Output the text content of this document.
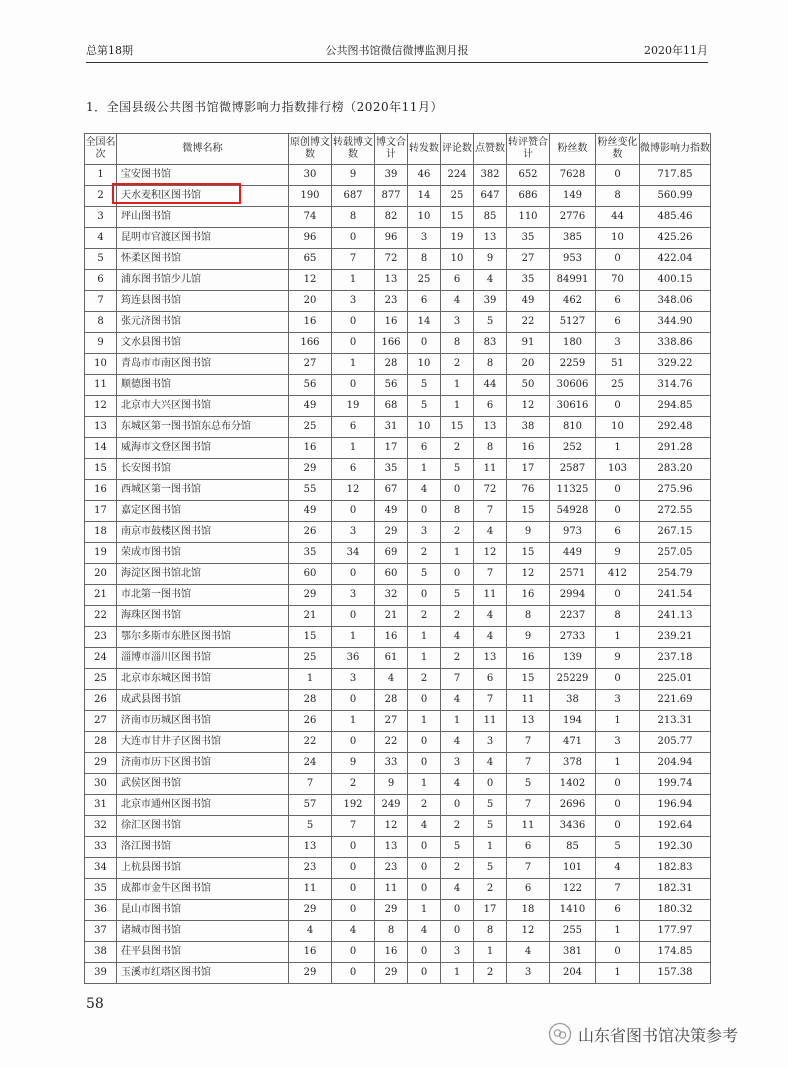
总第18期	公共图书馆微信微博监测月报	2020年11月
1．全国县级公共图书馆微博影响力指数排行榜（2020年11月）
全国名次	微博名称	原创博文数	转载博文数	博文合计	转发数	评论数	点赞数	转评赞合计	粉丝数	粉丝变化数	微博影响力指数
1	宝安图书馆	30	9	39	46	224	382	652	7628	0	717.85
2	天水麦积区图书馆	190	687	877	14	25	647	686	149	8	560.99
3	坪山图书馆	74	8	82	10	15	85	110	2776	44	485.46
4	昆明市官渡区图书馆	96	0	96	3	19	13	35	385	10	425.26
5	怀柔区图书馆	65	7	72	8	10	9	27	953	0	422.04
6	浦东图书馆少儿馆	12	1	13	25	6	4	35	84991	70	400.15
7	筠连县图书馆	20	3	23	6	4	39	49	462	6	348.06
8	张元济图书馆	16	0	16	14	3	5	22	5127	6	344.90
9	文水县图书馆	166	0	166	0	8	83	91	180	3	338.86
10	青岛市市南区图书馆	27	1	28	10	2	8	20	2259	51	329.22
11	顺德图书馆	56	0	56	5	1	44	50	30606	25	314.76
12	北京市大兴区图书馆	49	19	68	5	1	6	12	30616	0	294.85
13	东城区第一图书馆东总布分馆	25	6	31	10	15	13	38	810	10	292.48
14	威海市文登区图书馆	16	1	17	6	2	8	16	252	1	291.28
15	长安图书馆	29	6	35	1	5	11	17	2587	103	283.20
16	西城区第一图书馆	55	12	67	4	0	72	76	11325	0	275.96
17	嘉定区图书馆	49	0	49	0	8	7	15	54928	0	272.55
18	南京市鼓楼区图书馆	26	3	29	3	2	4	9	973	6	267.15
19	荣成市图书馆	35	34	69	2	1	12	15	449	9	257.05
20	海淀区图书馆北馆	60	0	60	5	0	7	12	2571	412	254.79
21	市北第一图书馆	29	3	32	0	5	11	16	2994	0	241.54
22	海珠区图书馆	21	0	21	2	2	4	8	2237	8	241.13
23	鄂尔多斯市东胜区图书馆	15	1	16	1	4	4	9	2733	1	239.21
24	淄博市淄川区图书馆	25	36	61	1	2	13	16	139	9	237.18
25	北京市东城区图书馆	1	3	4	2	7	6	15	25229	0	225.01
26	成武县图书馆	28	0	28	0	4	7	11	38	3	221.69
27	济南市历城区图书馆	26	1	27	1	1	11	13	194	1	213.31
28	大连市甘井子区图书馆	22	0	22	0	4	3	7	471	3	205.77
29	济南市历下区图书馆	24	9	33	0	3	4	7	378	1	204.94
30	武侯区图书馆	7	2	9	1	4	0	5	1402	0	199.74
31	北京市通州区图书馆	57	192	249	2	0	5	7	2696	0	196.94
32	徐汇区图书馆	5	7	12	4	2	5	11	3436	0	192.64
33	洛江图书馆	13	0	13	0	5	1	6	85	5	192.30
34	上杭县图书馆	23	0	23	0	2	5	7	101	4	182.83
35	成都市金牛区图书馆	11	0	11	0	4	2	6	122	7	182.31
36	昆山市图书馆	29	0	29	1	0	17	18	1410	6	180.32
37	诸城市图书馆	4	4	8	4	0	8	12	255	1	177.97
38	茌平县图书馆	16	0	16	0	3	1	4	381	0	174.85
39	玉溪市红塔区图书馆	29	0	29	0	1	2	3	204	1	157.38
58
山东省图书馆决策参考
